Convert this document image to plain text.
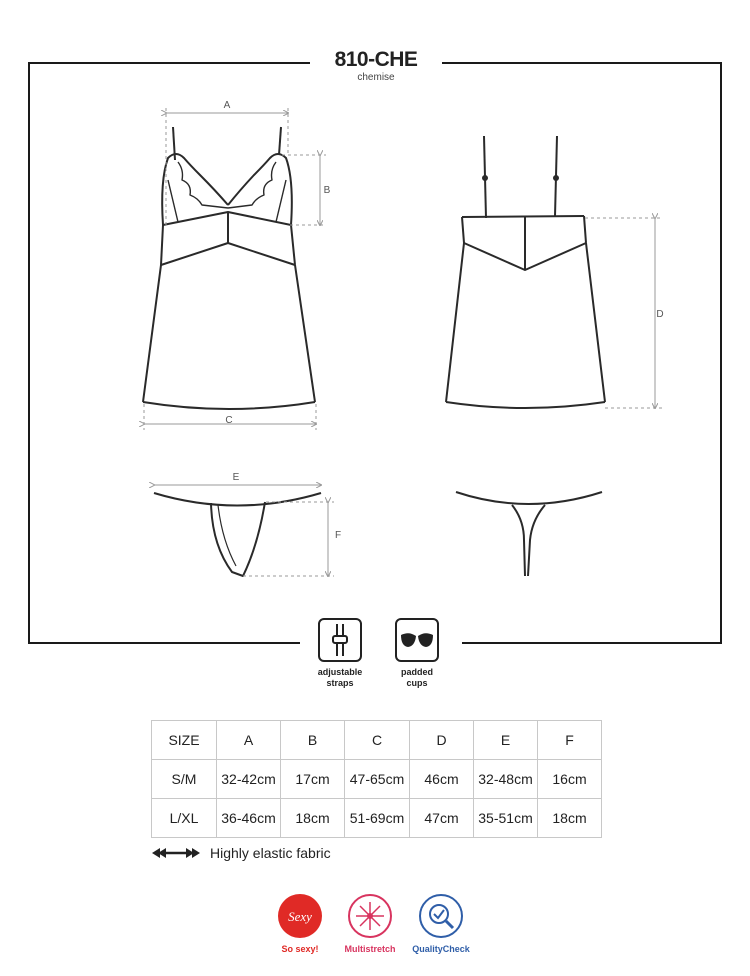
810-CHE
chemise
A
B
C
D
E
F
adjustable
straps
padded
cups
SIZE	A	B	C	D	E	F
S/M	32-42cm	17cm	47-65cm	46cm	32-48cm	16cm
L/XL	36-46cm	18cm	51-69cm	47cm	35-51cm	18cm
Highly elastic fabric
Sexy
So sexy!	Multistretch	QualityCheck
